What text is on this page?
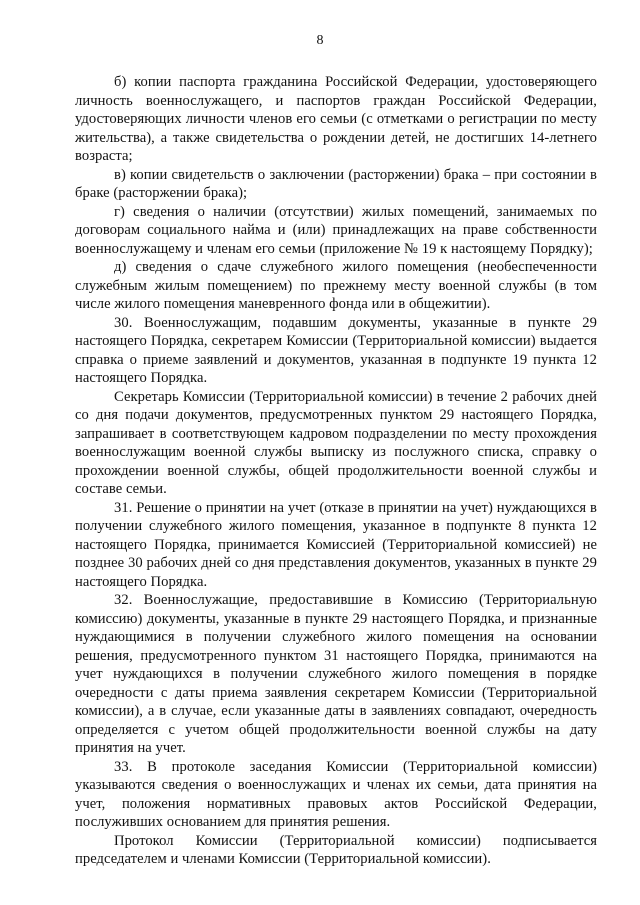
8

б) копии паспорта гражданина Российской Федерации, удостоверяющего личность военнослужащего, и паспортов граждан Российской Федерации, удостоверяющих личности членов его семьи (с отметками о регистрации по месту жительства), а также свидетельства о рождении детей, не достигших 14-летнего возраста;

в) копии свидетельств о заключении (расторжении) брака – при состоянии в браке (расторжении брака);

г) сведения о наличии (отсутствии) жилых помещений, занимаемых по договорам социального найма и (или) принадлежащих на праве собственности военнослужащему и членам его семьи (приложение № 19 к настоящему Порядку);

д) сведения о сдаче служебного жилого помещения (необеспеченности служебным жилым помещением) по прежнему месту военной службы (в том числе жилого помещения маневренного фонда или в общежитии).

30. Военнослужащим, подавшим документы, указанные в пункте 29 настоящего Порядка, секретарем Комиссии (Территориальной комиссии) выдается справка о приеме заявлений и документов, указанная в подпункте 19 пункта 12 настоящего Порядка.

Секретарь Комиссии (Территориальной комиссии) в течение 2 рабочих дней со дня подачи документов, предусмотренных пунктом 29 настоящего Порядка, запрашивает в соответствующем кадровом подразделении по месту прохождения военнослужащим военной службы выписку из послужного списка, справку о прохождении военной службы, общей продолжительности военной службы и составе семьи.

31. Решение о принятии на учет (отказе в принятии на учет) нуждающихся в получении служебного жилого помещения, указанное в подпункте 8 пункта 12 настоящего Порядка, принимается Комиссией (Территориальной комиссией) не позднее 30 рабочих дней со дня представления документов, указанных в пункте 29 настоящего Порядка.

32. Военнослужащие, предоставившие в Комиссию (Территориальную комиссию) документы, указанные в пункте 29 настоящего Порядка, и признанные нуждающимися в получении служебного жилого помещения на основании решения, предусмотренного пунктом 31 настоящего Порядка, принимаются на учет нуждающихся в получении служебного жилого помещения в порядке очередности с даты приема заявления секретарем Комиссии (Территориальной комиссии), а в случае, если указанные даты в заявлениях совпадают, очередность определяется с учетом общей продолжительности военной службы на дату принятия на учет.

33. В протоколе заседания Комиссии (Территориальной комиссии) указываются сведения о военнослужащих и членах их семьи, дата принятия на учет, положения нормативных правовых актов Российской Федерации, послуживших основанием для принятия решения.

Протокол Комиссии (Территориальной комиссии) подписывается председателем и членами Комиссии (Территориальной комиссии).
